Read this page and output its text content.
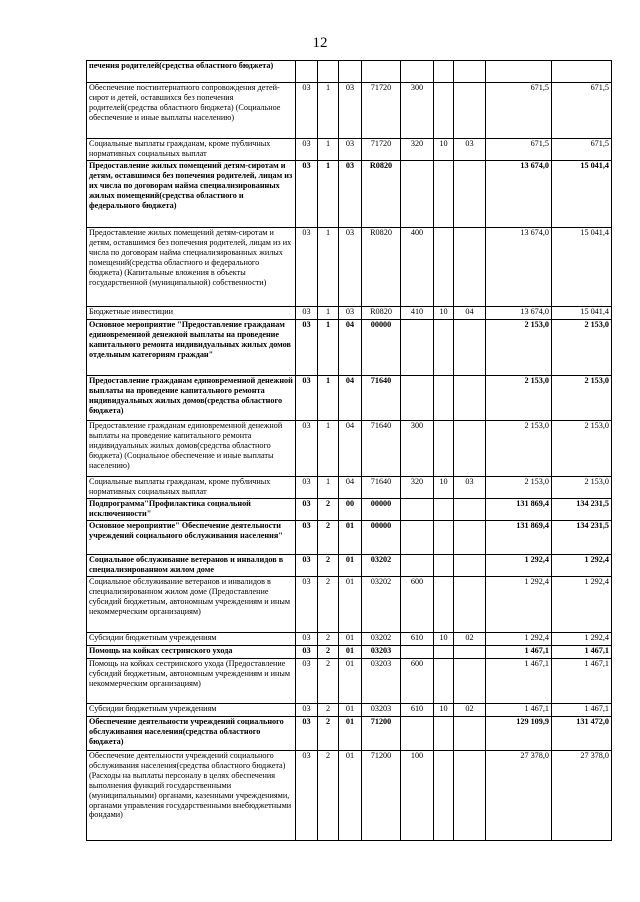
12
печения родителей(средства областного бюджета)									
Обеспечение постинтернатного сопровождения детей-сирот и детей, оставшихся без попечения родителей(средства областного бюджета) (Социальное обеспечение и иные выплаты населению)	03	1	03	71720	300			671,5	671,5
Социальные выплаты гражданам, кроме публичных нормативных социальных выплат	03	1	03	71720	320	10	03	671,5	671,5
Предоставление жилых помещений детям-сиротам и детям, оставшимся без попечения родителей, лицам из их числа по договорам найма специализированных жилых помещений(средства областного и федерального бюджета)	03	1	03	R0820				13 674,0	15 041,4
Предоставление жилых помещений детям-сиротам и детям, оставшимся без попечения родителей, лицам из их числа по договорам найма специализированных жилых помещений(средства областного и федерального бюджета) (Капитальные вложения в объекты государственной (муниципальной) собственности)	03	1	03	R0820	400			13 674,0	15 041,4
Бюджетные инвестиции	03	1	03	R0820	410	10	04	13 674,0	15 041,4
Основное мероприятие "Предоставление гражданам единовременной денежной выплаты на проведение капитального ремонта индивидуальных жилых домов отдельным категориям граждан"	03	1	04	00000				2 153,0	2 153,0
Предоставление гражданам единовременной денежной выплаты на проведение капитального ремонта индивидуальных жилых домов(средства областного бюджета)	03	1	04	71640				2 153,0	2 153,0
Предоставление гражданам единовременной денежной выплаты на проведение капитального ремонта индивидуальных жилых домов(средства областного бюджета) (Социальное обеспечение и иные выплаты населению)	03	1	04	71640	300			2 153,0	2 153,0
Социальные выплаты гражданам, кроме публичных нормативных социальных выплат	03	1	04	71640	320	10	03	2 153,0	2 153,0
Подпрограмма"Профилактика социальной исключенности"	03	2	00	00000				131 869,4	134 231,5
Основное мероприятие" Обеспечение деятельности учреждений социального обслуживания населения"	03	2	01	00000				131 869,4	134 231,5
Социальное обслуживание ветеранов и инвалидов в специализированном жилом доме	03	2	01	03202				1 292,4	1 292,4
Социальное обслуживание ветеранов и инвалидов в специализированном жилом доме (Предоставление субсидий бюджетным, автономным учреждениям и иным некоммерческим организациям)	03	2	01	03202	600			1 292,4	1 292,4
Субсидии бюджетным учреждениям	03	2	01	03202	610	10	02	1 292,4	1 292,4
Помощь на койках сестринского ухода	03	2	01	03203				1 467,1	1 467,1
Помощь на койках сестринского ухода (Предоставление субсидий бюджетным, автономным учреждениям и иным некоммерческим организациям)	03	2	01	03203	600			1 467,1	1 467,1
Субсидии бюджетным учреждениям	03	2	01	03203	610	10	02	1 467,1	1 467,1
Обеспечение деятельности учреждений социального обслуживания населения(средства областного бюджета)	03	2	01	71200				129 109,9	131 472,0
Обеспечение деятельности учреждений социального обслуживания населения(средства областного бюджета) (Расходы на выплаты персоналу в целях обеспечения выполнения функций государственными (муниципальными) органами, казенными учреждениями, органами управления государственными внебюджетными фондами)	03	2	01	71200	100			27 378,0	27 378,0
